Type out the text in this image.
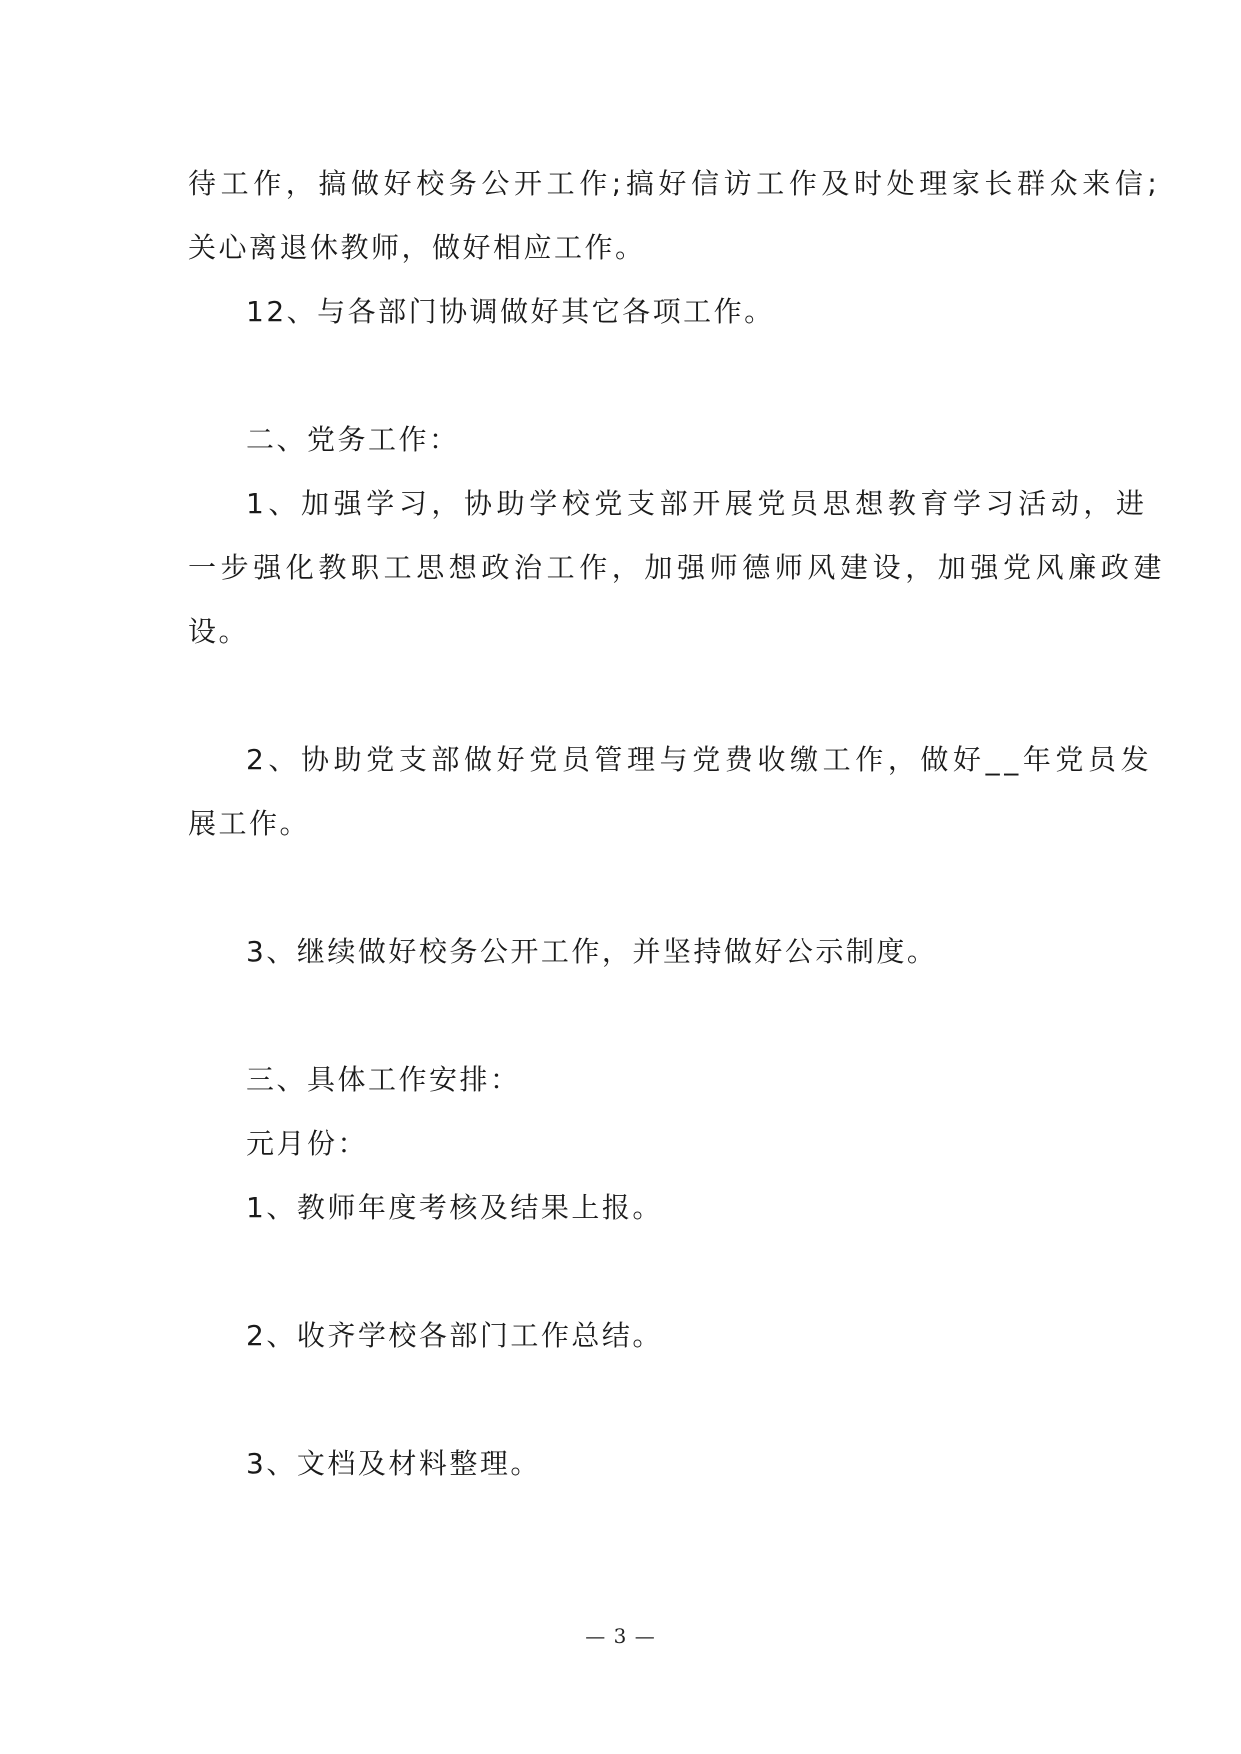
待工作，搞做好校务公开工作;搞好信访工作及时处理家长群众来信;
关心离退休教师，做好相应工作。
12、与各部门协调做好其它各项工作。
二、党务工作：
1、加强学习，协助学校党支部开展党员思想教育学习活动，进
一步强化教职工思想政治工作，加强师德师风建设，加强党风廉政建
设。
2、协助党支部做好党员管理与党费收缴工作，做好__年党员发
展工作。
3、继续做好校务公开工作，并坚持做好公示制度。
三、具体工作安排：
元月份：
1、教师年度考核及结果上报。
2、收齐学校各部门工作总结。
3、文档及材料整理。
— 3 —
